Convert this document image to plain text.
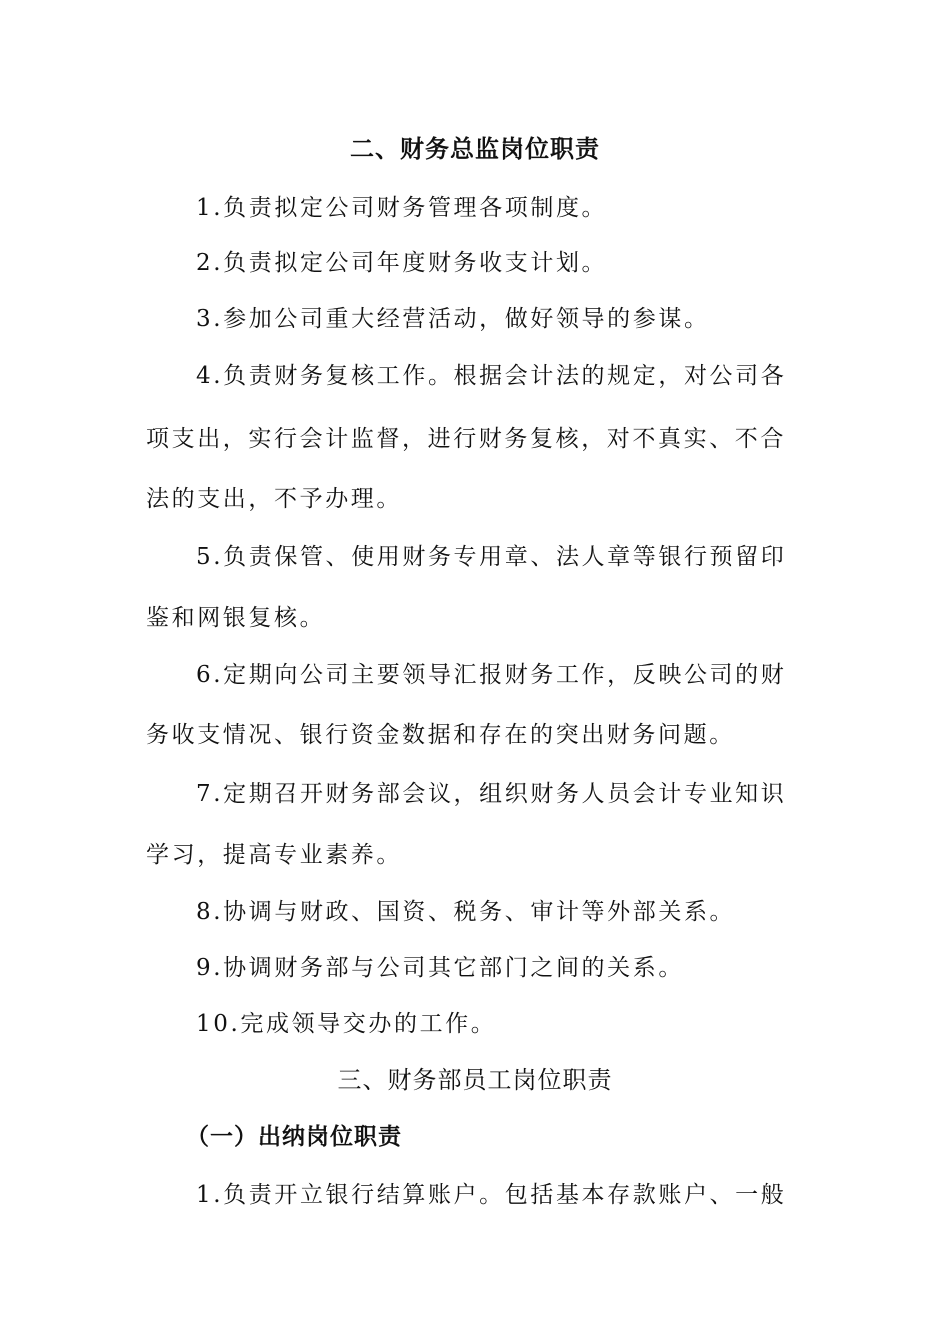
二、财务总监岗位职责
1.负责拟定公司财务管理各项制度。
2.负责拟定公司年度财务收支计划。
3.参加公司重大经营活动，做好领导的参谋。
4.负责财务复核工作。根据会计法的规定，对公司各
项支出，实行会计监督，进行财务复核，对不真实、不合
法的支出，不予办理。
5.负责保管、使用财务专用章、法人章等银行预留印
鉴和网银复核。
6.定期向公司主要领导汇报财务工作，反映公司的财
务收支情况、银行资金数据和存在的突出财务问题。
7.定期召开财务部会议，组织财务人员会计专业知识
学习，提高专业素养。
8.协调与财政、国资、税务、审计等外部关系。
9.协调财务部与公司其它部门之间的关系。
10.完成领导交办的工作。
三、财务部员工岗位职责
（一）出纳岗位职责
1.负责开立银行结算账户。包括基本存款账户、一般
